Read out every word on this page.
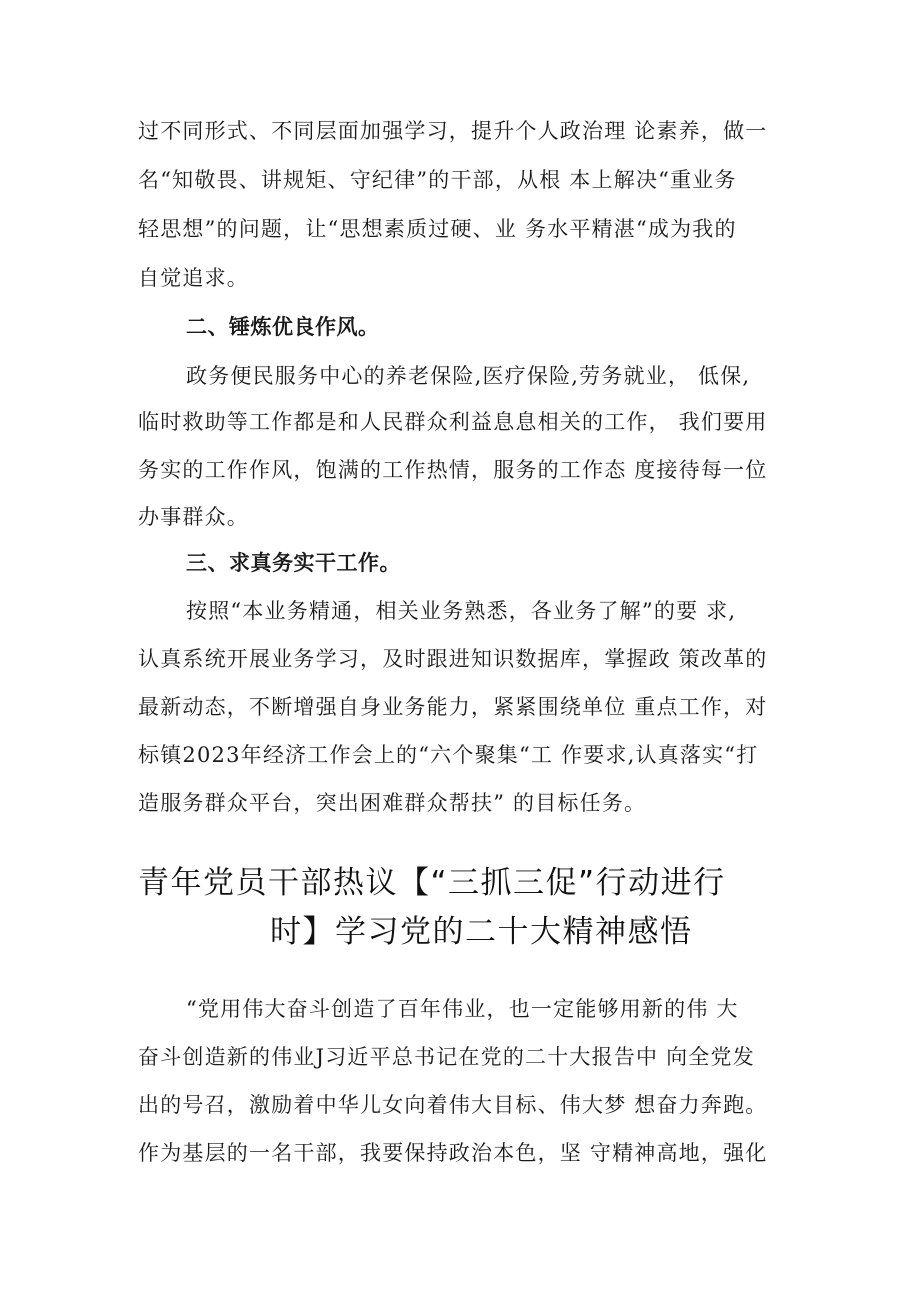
过不同形式、不同层面加强学习，提升个人政治理 论素养，做一
名“知敬畏、讲规矩、守纪律”的干部，从根 本上解决“重业务
轻思想”的问题，让“思想素质过硬、业 务水平精湛“成为我的
自觉追求。
二、锤炼优良作风。
政务便民服务中心的养老保险,医疗保险,劳务就业， 低保,
临时救助等工作都是和人民群众利益息息相关的工作， 我们要用
务实的工作作风，饱满的工作热情，服务的工作态 度接待每一位
办事群众。
三、求真务实干工作。
按照“本业务精通，相关业务熟悉，各业务了解”的要 求,
认真系统开展业务学习，及时跟进知识数据库，掌握政 策改革的
最新动态，不断增强自身业务能力，紧紧围绕单位 重点工作，对
标镇2023年经济工作会上的“六个聚集“工 作要求,认真落实“打
造服务群众平台，突出困难群众帮扶” 的目标任务。
青年党员干部热议【“三抓三促”行动进行
时】学习党的二十大精神感悟
“党用伟大奋斗创造了百年伟业，也一定能够用新的伟 大
奋斗创造新的伟业J习近平总书记在党的二十大报告中 向全党发
出的号召，激励着中华儿女向着伟大目标、伟大梦 想奋力奔跑。
作为基层的一名干部，我要保持政治本色，坚 守精神高地，强化
